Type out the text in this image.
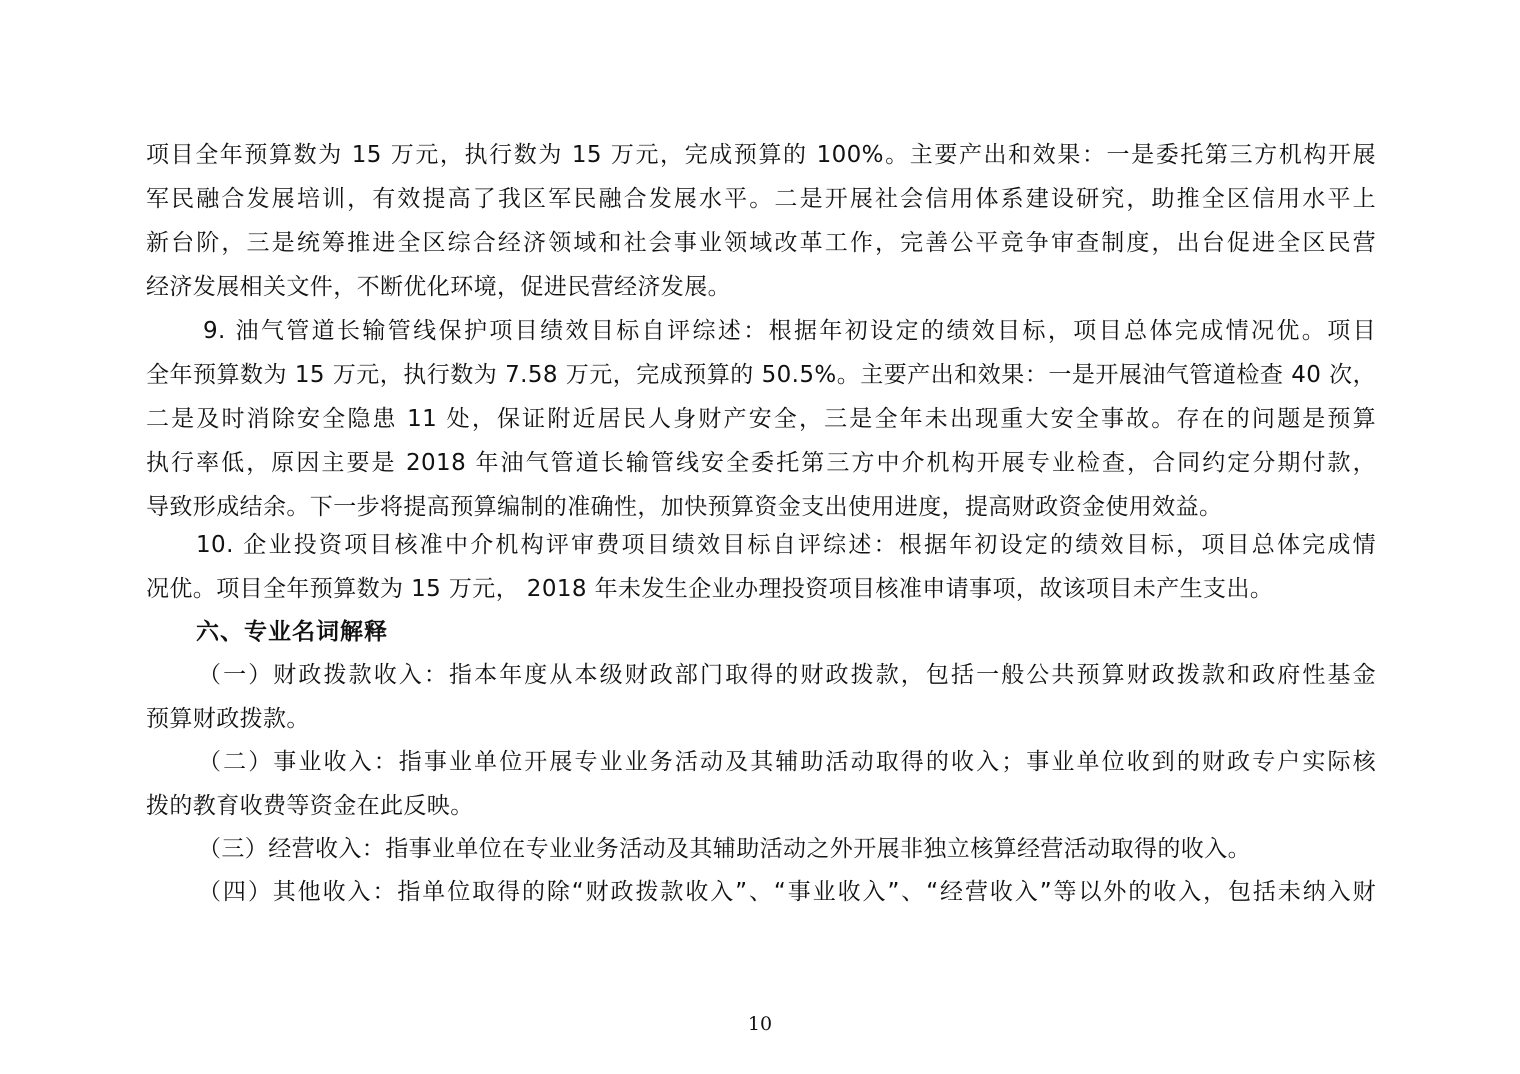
项目全年预算数为 15 万元，执行数为 15 万元，完成预算的 100%。主要产出和效果：一是委托第三方机构开展
军民融合发展培训，有效提高了我区军民融合发展水平。二是开展社会信用体系建设研究，助推全区信用水平上
新台阶，三是统筹推进全区综合经济领域和社会事业领域改革工作，完善公平竞争审查制度，出台促进全区民营
经济发展相关文件，不断优化环境，促进民营经济发展。
9. 油气管道长输管线保护项目绩效目标自评综述：根据年初设定的绩效目标，项目总体完成情况优。项目
全年预算数为 15 万元，执行数为 7.58 万元，完成预算的 50.5%。主要产出和效果：一是开展油气管道检查 40 次，
二是及时消除安全隐患 11 处，保证附近居民人身财产安全，三是全年未出现重大安全事故。存在的问题是预算
执行率低，原因主要是 2018 年油气管道长输管线安全委托第三方中介机构开展专业检查，合同约定分期付款，
导致形成结余。下一步将提高预算编制的准确性，加快预算资金支出使用进度，提高财政资金使用效益。
10. 企业投资项目核准中介机构评审费项目绩效目标自评综述：根据年初设定的绩效目标，项目总体完成情
况优。项目全年预算数为 15 万元， 2018 年未发生企业办理投资项目核准申请事项，故该项目未产生支出。
六、专业名词解释
（一）财政拨款收入：指本年度从本级财政部门取得的财政拨款，包括一般公共预算财政拨款和政府性基金
预算财政拨款。
（二）事业收入：指事业单位开展专业业务活动及其辅助活动取得的收入；事业单位收到的财政专户实际核
拨的教育收费等资金在此反映。
（三）经营收入：指事业单位在专业业务活动及其辅助活动之外开展非独立核算经营活动取得的收入。
（四）其他收入：指单位取得的除“财政拨款收入”、“事业收入”、“经营收入”等以外的收入，包括未纳入财
10
